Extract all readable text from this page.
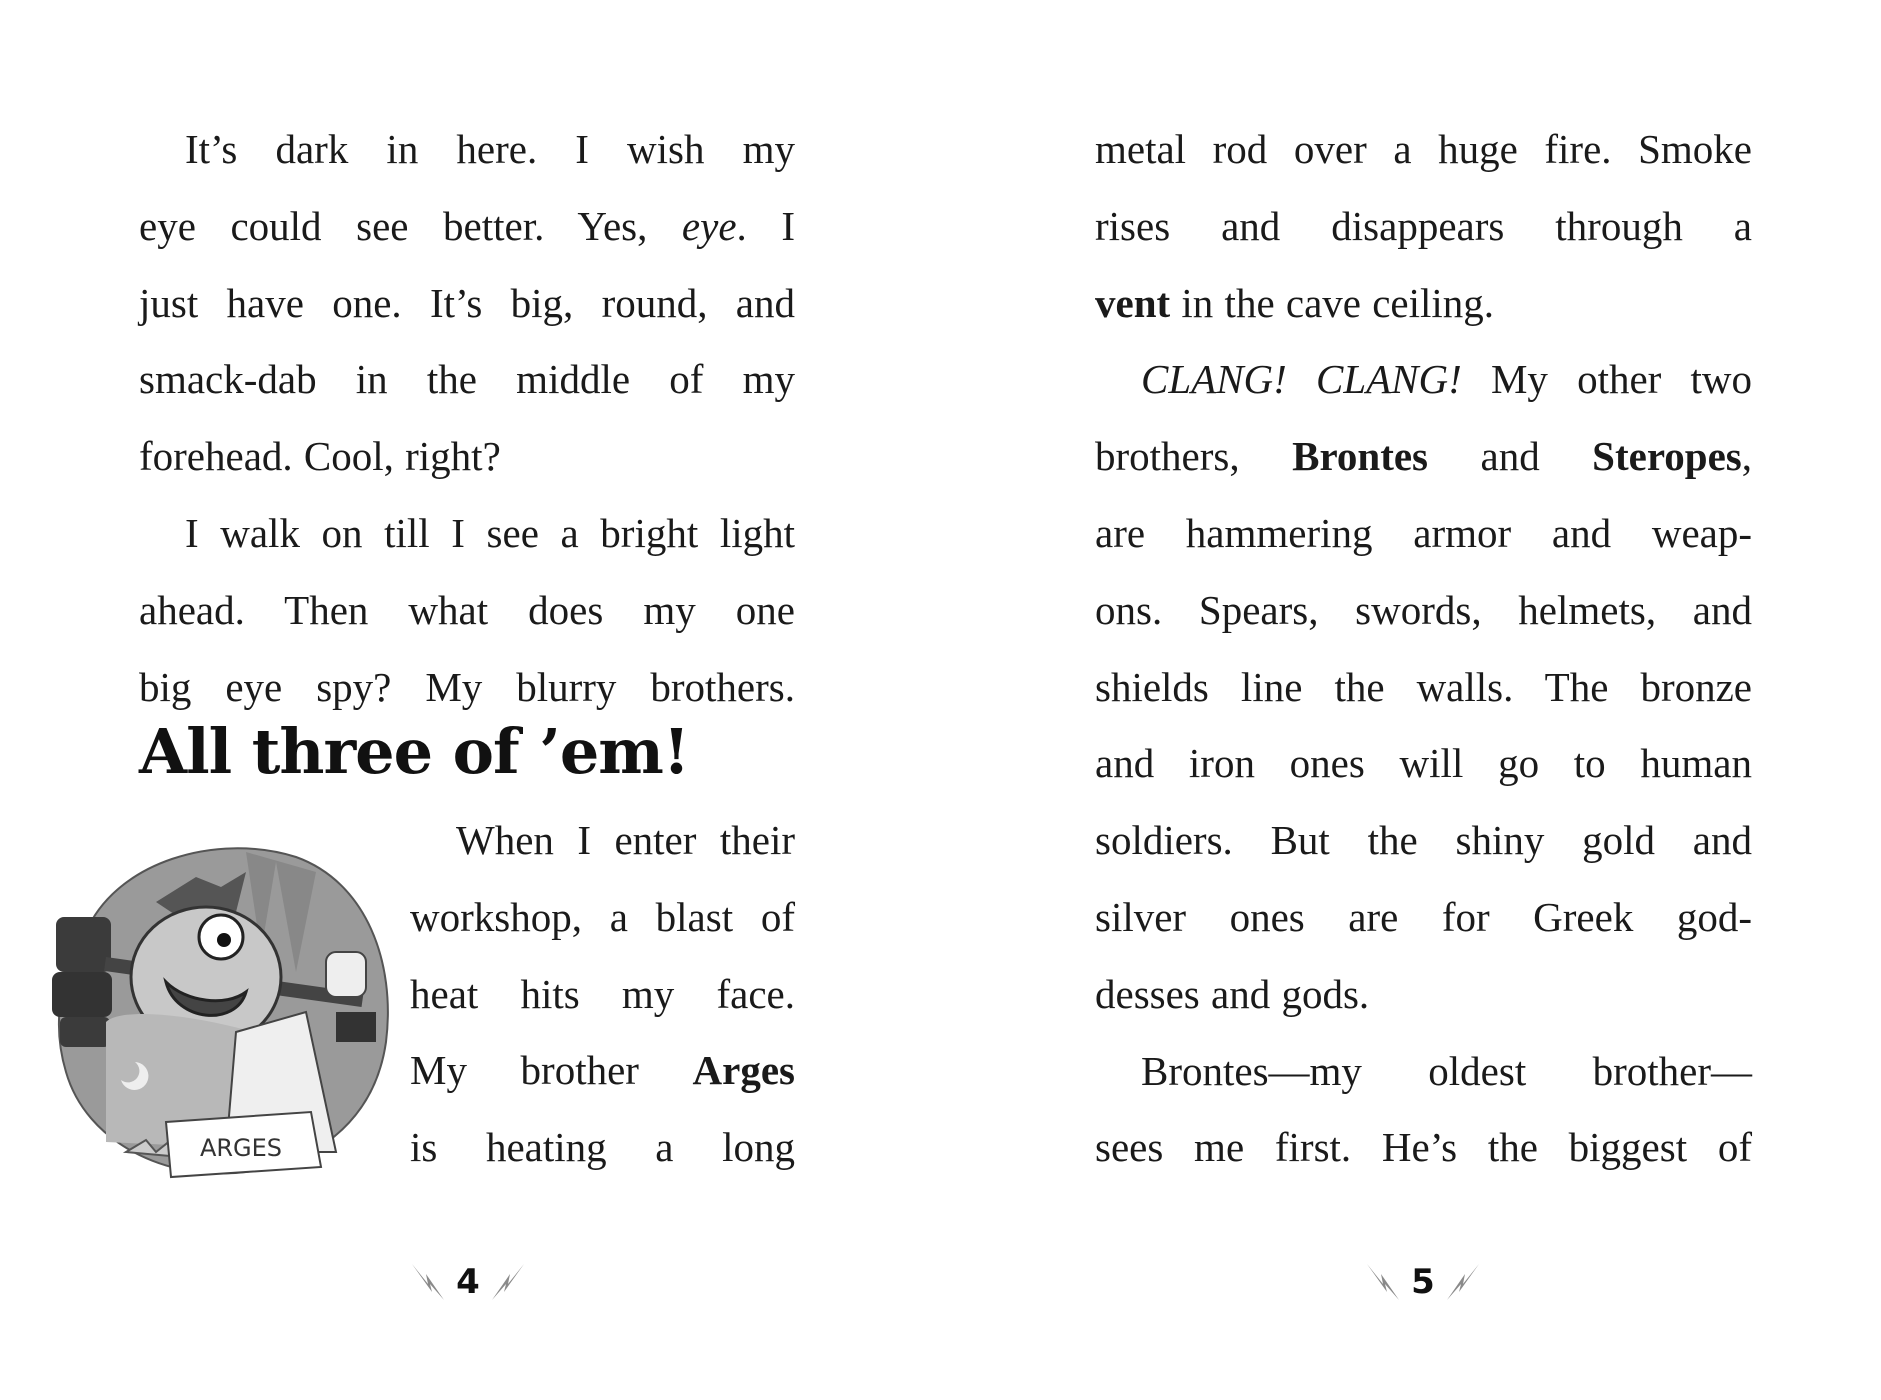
It’s dark in here. I wish my
eye could see better. Yes, eye. I
just have one. It’s big, round, and
smack-dab in the middle of my
forehead. Cool, right?
I walk on till I see a bright light
ahead. Then what does my one
big eye spy? My blurry brothers.
All three of ’em!
ARGES
When I enter their
workshop, a blast of
heat hits my face.
My brother Arges
is heating a long
4
metal rod over a huge fire. Smoke
rises and disappears through a
vent in the cave ceiling.
CLANG! CLANG! My other two
brothers, Brontes and Steropes,
are hammering armor and weap-
ons. Spears, swords, helmets, and
shields line the walls. The bronze
and iron ones will go to human
soldiers. But the shiny gold and
silver ones are for Greek god-
desses and gods.
Brontes—my oldest brother—
sees me first. He’s the biggest of
5
